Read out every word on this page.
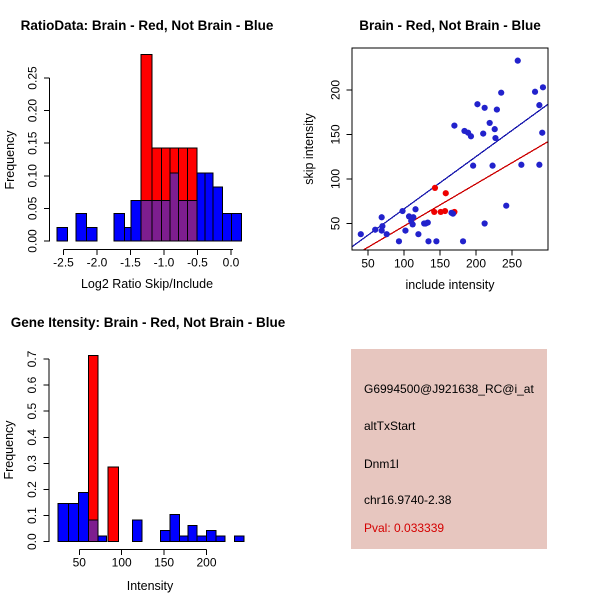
RatioData: Brain - Red, Not Brain - Blue
0.00
0.05
0.10
0.15
0.20
0.25
-2.5 -2.0 -1.5 -1.0 -0.5 0.0
Log2 Ratio Skip/Include
Frequency
Brain - Red, Not Brain - Blue
50 100 150 200 250
50
100
150
200
include intensity
skip intensity
Gene Itensity: Brain - Red, Not Brain - Blue
0.0
0.1
0.2
0.3
0.4
0.5
0.6
0.7
50 100 150 200
Intensity
Frequency
G6994500@J921638_RC@i_at
altTxStart
Dnm1l
chr16.9740-2.38
Pval: 0.033339
